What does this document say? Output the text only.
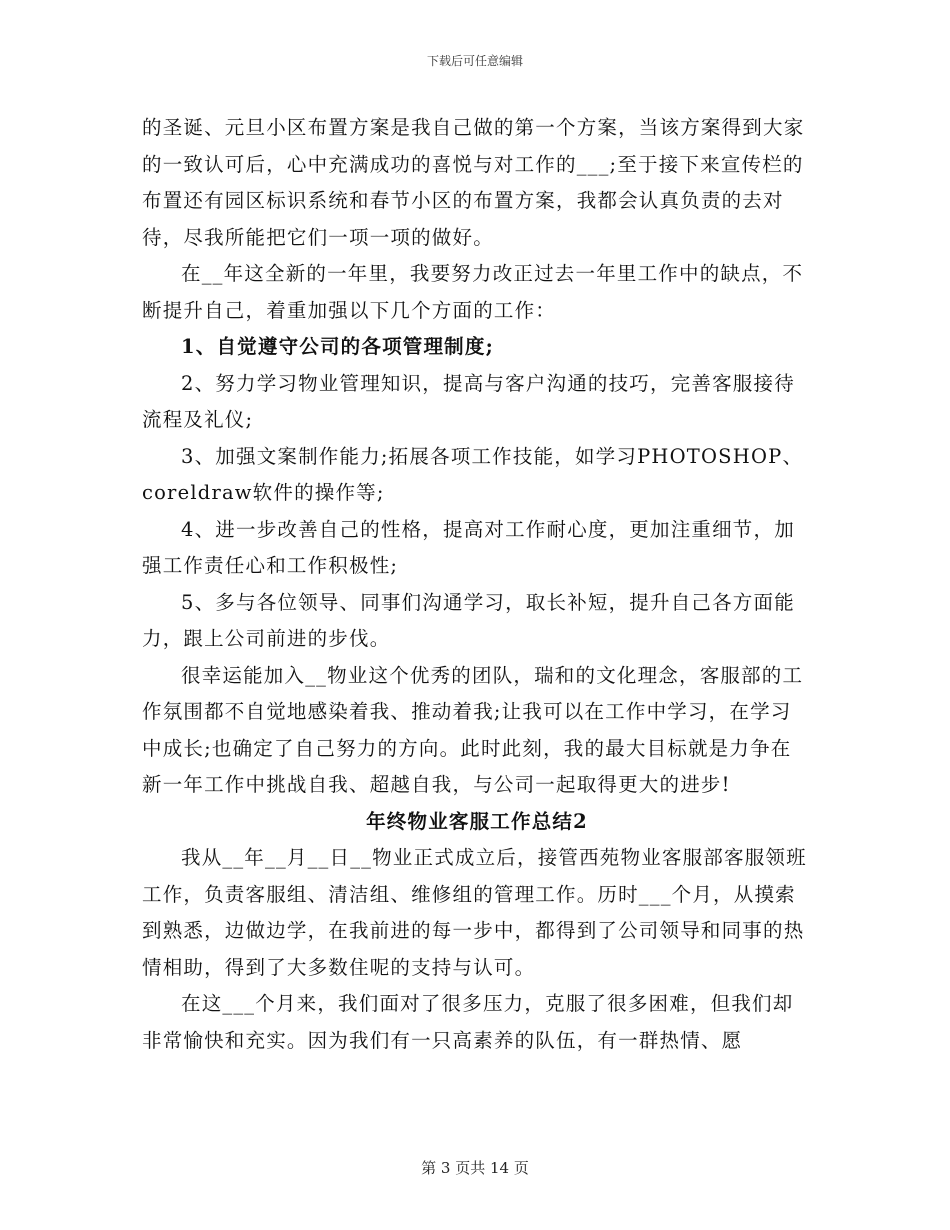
下载后可任意编辑

的圣诞、元旦小区布置方案是我自己做的第一个方案，当该方案得到大家的一致认可后，心中充满成功的喜悦与对工作的___;至于接下来宣传栏的布置还有园区标识系统和春节小区的布置方案，我都会认真负责的去对待，尽我所能把它们一项一项的做好。

在__年这全新的一年里，我要努力改正过去一年里工作中的缺点，不断提升自己，着重加强以下几个方面的工作：

1、自觉遵守公司的各项管理制度;

2、努力学习物业管理知识，提高与客户沟通的技巧，完善客服接待流程及礼仪;

3、加强文案制作能力;拓展各项工作技能，如学习PHOTOSHOP、coreldraw软件的操作等;

4、进一步改善自己的性格，提高对工作耐心度，更加注重细节，加强工作责任心和工作积极性;

5、多与各位领导、同事们沟通学习，取长补短，提升自己各方面能力，跟上公司前进的步伐。

很幸运能加入__物业这个优秀的团队，瑞和的文化理念，客服部的工作氛围都不自觉地感染着我、推动着我;让我可以在工作中学习，在学习中成长;也确定了自己努力的方向。此时此刻，我的最大目标就是力争在新一年工作中挑战自我、超越自我，与公司一起取得更大的进步!

年终物业客服工作总结2

我从__年__月__日__物业正式成立后，接管西苑物业客服部客服领班工作，负责客服组、清洁组、维修组的管理工作。历时___个月，从摸索到熟悉，边做边学，在我前进的每一步中，都得到了公司领导和同事的热情相助，得到了大多数住呢的支持与认可。

在这___个月来，我们面对了很多压力，克服了很多困难，但我们却非常愉快和充实。因为我们有一只高素养的队伍，有一群热情、愿

第 3 页共 14 页
